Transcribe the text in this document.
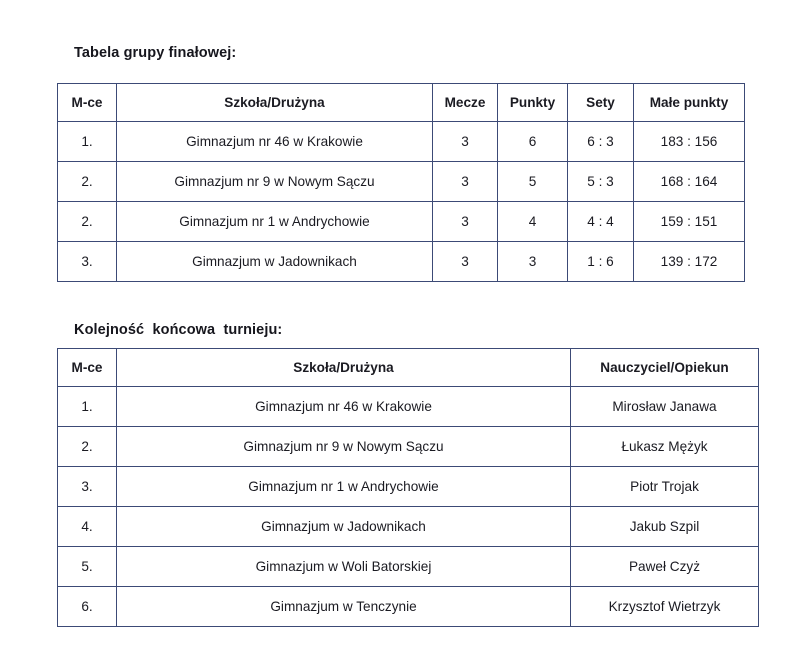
Tabela grupy finałowej:
M-ce	Szkoła/Drużyna	Mecze	Punkty	Sety	Małe punkty
1.	Gimnazjum nr 46 w Krakowie	3	6	6 : 3	183 : 156
2.	Gimnazjum nr 9 w Nowym Sączu	3	5	5 : 3	168 : 164
2.	Gimnazjum nr 1 w Andrychowie	3	4	4 : 4	159 : 151
3.	Gimnazjum w Jadownikach	3	3	1 : 6	139 : 172
Kolejność  końcowa  turnieju:
M-ce	Szkoła/Drużyna	Nauczyciel/Opiekun
1.	Gimnazjum nr 46 w Krakowie	Mirosław Janawa
2.	Gimnazjum nr 9 w Nowym Sączu	Łukasz Mężyk
3.	Gimnazjum nr 1 w Andrychowie	Piotr Trojak
4.	Gimnazjum w Jadownikach	Jakub Szpil
5.	Gimnazjum w Woli Batorskiej	Paweł Czyż
6.	Gimnazjum w Tenczynie	Krzysztof Wietrzyk
